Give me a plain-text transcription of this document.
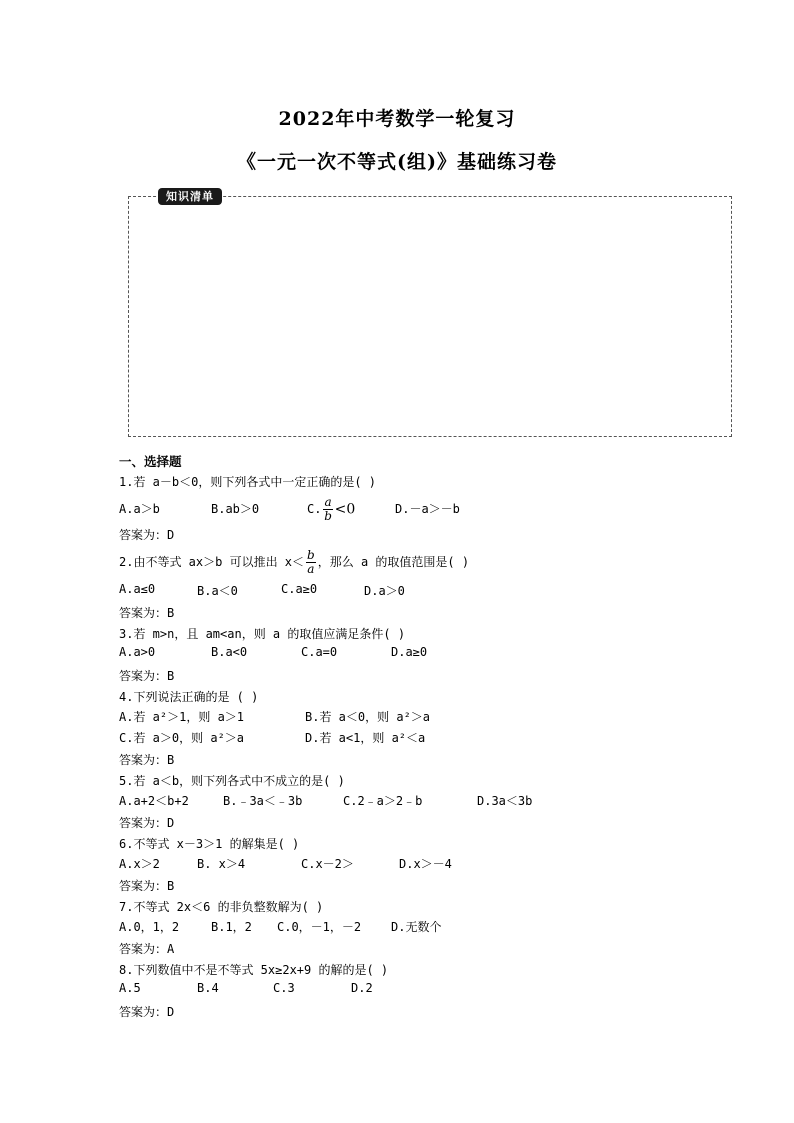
2022年中考数学一轮复习
《一元一次不等式(组)》基础练习卷
知识清单
一、选择题
1.若 a－b＜0，则下列各式中一定正确的是( )
A.a＞b	B.ab＞0	C. $\frac{a}{b} <0$	D.－a＞－b
答案为：D
2.由不等式 ax＞b 可以推出 $x< \frac{b}{a}$ ，那么 a 的取值范围是( )
A.a≤0	B.a＜0	C.a≥0	D.a＞0
答案为：B
3.若 m>n，且 am<an，则 a 的取值应满足条件( )
A.a>0	B.a<0	C.a=0	D.a≥0
答案为：B
4.下列说法正确的是 ( )
A.若 a²＞1，则 a＞1	B.若 a＜0，则 a²＞a
C.若 a＞0，则 a²＞a	D.若 a<1，则 a²＜a
答案为：B
5.若 a＜b，则下列各式中不成立的是( )
A.a+2＜b+2	B.﹣3a＜﹣3b	C.2﹣a＞2﹣b	D.3a＜3b
答案为：D
6.不等式 x－3＞1 的解集是( )
A.x＞2	B. x＞4	C.x－2＞	D.x＞－4
答案为：B
7.不等式 2x＜6 的非负整数解为( )
A.0，1，2	B.1，2 C.0，－1，－2 D.无数个
答案为：A
8.下列数值中不是不等式 5x≥2x+9 的解的是( )
A.5	B.4	C.3	D.2
答案为：D
